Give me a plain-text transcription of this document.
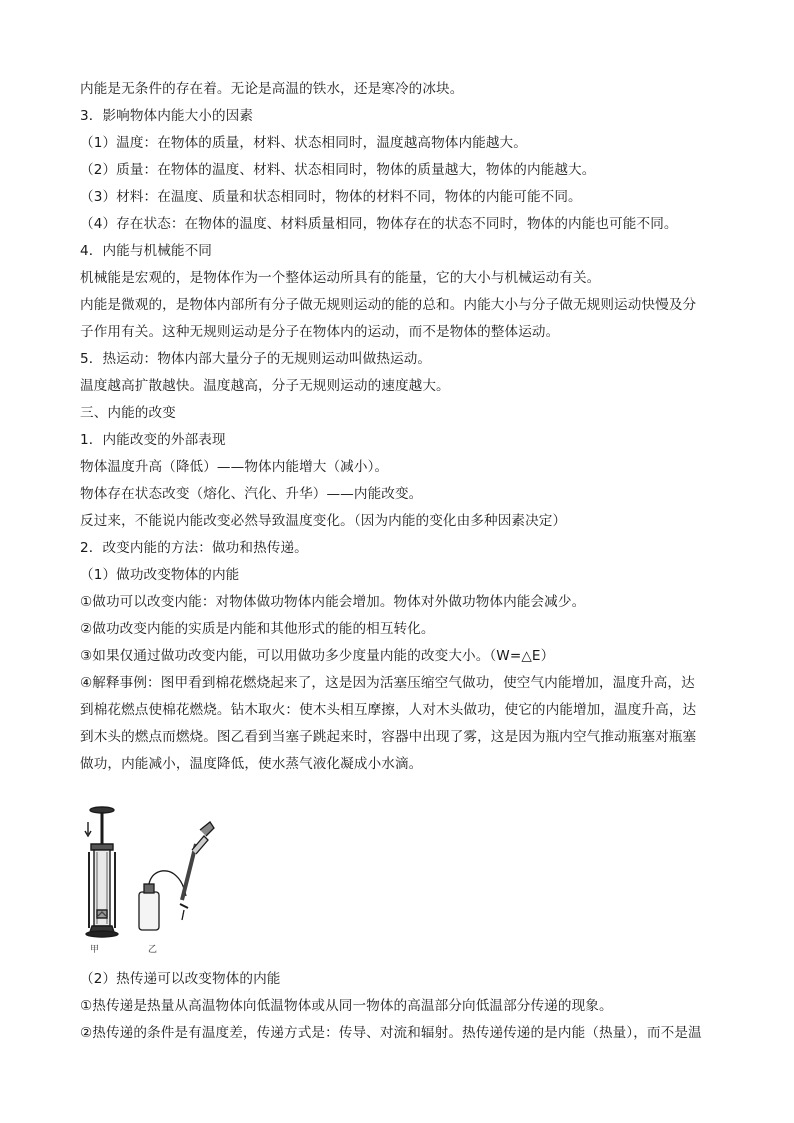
内能是无条件的存在着。无论是高温的铁水，还是寒冷的冰块。
3．影响物体内能大小的因素
（1）温度：在物体的质量，材料、状态相同时，温度越高物体内能越大。
（2）质量：在物体的温度、材料、状态相同时，物体的质量越大，物体的内能越大。
（3）材料：在温度、质量和状态相同时，物体的材料不同，物体的内能可能不同。
（4）存在状态：在物体的温度、材料质量相同，物体存在的状态不同时，物体的内能也可能不同。
4．内能与机械能不同
机械能是宏观的，是物体作为一个整体运动所具有的能量，它的大小与机械运动有关。
内能是微观的，是物体内部所有分子做无规则运动的能的总和。内能大小与分子做无规则运动快慢及分
子作用有关。这种无规则运动是分子在物体内的运动，而不是物体的整体运动。
5．热运动：物体内部大量分子的无规则运动叫做热运动。
温度越高扩散越快。温度越高，分子无规则运动的速度越大。
三、内能的改变
1．内能改变的外部表现
物体温度升高（降低）——物体内能增大（减小）。
物体存在状态改变（熔化、汽化、升华）——内能改变。
反过来，不能说内能改变必然导致温度变化。（因为内能的变化由多种因素决定）
2．改变内能的方法：做功和热传递。
（1）做功改变物体的内能
①做功可以改变内能：对物体做功物体内能会增加。物体对外做功物体内能会减少。
②做功改变内能的实质是内能和其他形式的能的相互转化。
③如果仅通过做功改变内能，可以用做功多少度量内能的改变大小。（W=△E）
④解释事例：图甲看到棉花燃烧起来了，这是因为活塞压缩空气做功，使空气内能增加，温度升高，达
到棉花燃点使棉花燃烧。钻木取火：使木头相互摩擦，人对木头做功，使它的内能增加，温度升高，达
到木头的燃点而燃烧。图乙看到当塞子跳起来时，容器中出现了雾，这是因为瓶内空气推动瓶塞对瓶塞
做功，内能减小，温度降低，使水蒸气液化凝成小水滴。
甲	乙
（2）热传递可以改变物体的内能
①热传递是热量从高温物体向低温物体或从同一物体的高温部分向低温部分传递的现象。
②热传递的条件是有温度差，传递方式是：传导、对流和辐射。热传递传递的是内能（热量），而不是温
